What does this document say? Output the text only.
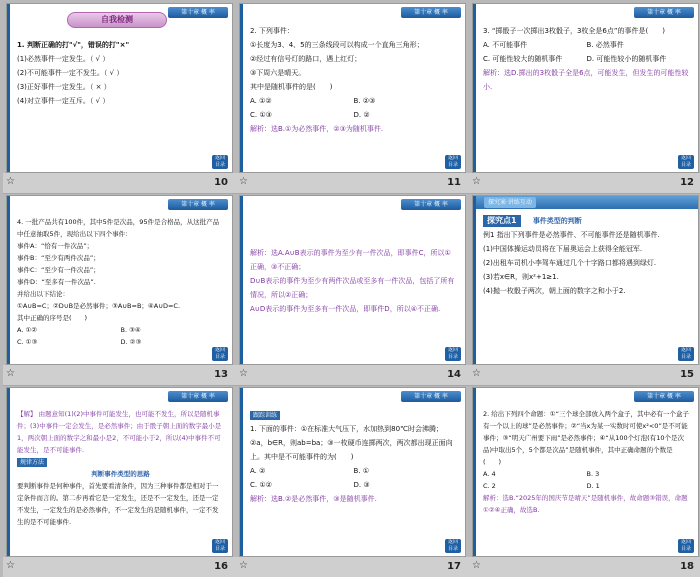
第十章 概 率
自我检测
1. 判断正确的打"√"，错误的打"×"
(1)必然事件一定发生。（ √ ）
(2)不可能事件一定不发生。（ √ ）
(3)正好事件一定发生。（ × ）
(4)对立事件一定互斥。（ √ ）
返回 目录
☆	10
第十章 概 率
2. 下列事件：
①长度为3、4、5的三条线段可以构成一个直角三角形；
②经过有信号灯的路口，遇上红灯；
③下周六是晴天。
其中是随机事件的是(　　)
A. ①②	B. ②③
C. ①③	D. ②
解析：选B.①为必然事件，②③为随机事件.
返回 目录
☆	11
第十章 概 率
3. “掷骰子一次掷出3枚骰子，3枚全是6点”的事件是(　　)
A. 不可能事件	B. 必然事件
C. 可能性较大的随机事件	D. 可能性较小的随机事件
解析：选D.掷出的3枚骰子全是6点，可能发生，但发生的可能性较小.
返回 目录
☆	12
第十章 概 率
4. 一批产品共有100件，其中5件是次品，95件是合格品，从这批产品中任意抽取5件，现给出以下四个事件：
事件A：“恰有一件次品”；
事件B：“至少有两件次品”；
事件C：“至少有一件次品”；
事件D：“至多有一件次品”.
并给出以下结论：
①A∪B=C；②D∪B是必然事件；③A∪B=B；④A∪D=C.
其中正确的序号是(　　)
A. ①②	B. ③④
C. ①③	D. ②③
返回 目录
☆	13
第十章 概 率
解析：选A.A∪B表示的事件为至少有一件次品，即事件C，所以①正确，③不正确；
D∪B表示的事件为至少有两件次品或至多有一件次品，包括了所有情况，所以②正确；
A∪D表示的事件为至多有一件次品，即事件D，所以④不正确.
返回 目录
☆	14
探究案·讲练互动
探究点1 事件类型的判断
例1 指出下列事件是必然事件、不可能事件还是随机事件.
(1)中国体操运动员将在下届奥运会上获得全能冠军.
(2)出租车司机小李驾车通过几个十字路口都将遇到绿灯.
(3)若x∈R，则x²+1≥1.
(4)抛一枚骰子两次，朝上面的数字之和小于2.
返回 目录
☆	15
第十章 概 率
【解】 由题意知(1)(2)中事件可能发生，也可能不发生，所以是随机事件；(3)中事件一定会发生，是必然事件；由于骰子朝上面的数字最小是1，两次朝上面的数字之和最小是2，不可能小于2，所以(4)中事件不可能发生，是不可能事件.
规律方法
判断事件类型的思路
要判断事件是何种事件，首先要看清条件，因为三种事件都是相对于一定条件而言的。第二步再看它是一定发生，还是不一定发生，还是一定不发生，一定发生的是必然事件，不一定发生的是随机事件，一定不发生的是不可能事件.
返回 目录
☆	16
第十章 概 率
跟踪训练
1. 下面的事件：①在标准大气压下，水加热到80℃时会沸腾；②a，b∈R，则ab=ba；③一枚硬币连掷两次，两次都出现正面向上。其中是不可能事件的为(　　)
A. ②	B. ①
C. ①②	D. ③
解析：选B.②是必然事件，③是随机事件.
返回 目录
☆	17
第十章 概 率
2. 给出下列四个命题：①“三个球全部放入两个盒子，其中必有一个盒子有一个以上的球”是必然事件；②“当x为某一实数时可使x²<0”是不可能事件；③“明天广州要下雨”是必然事件；④“从100个灯泡(有10个是次品)中取出5个，5个都是次品”是随机事件，其中正确命题的个数是(　　)
A. 4	B. 3
C. 2	D. 1
解析：选B.“2025年的国庆节是晴天”是随机事件，故命题③错误，命题①②④正确，故选B.
返回 目录
☆	18
